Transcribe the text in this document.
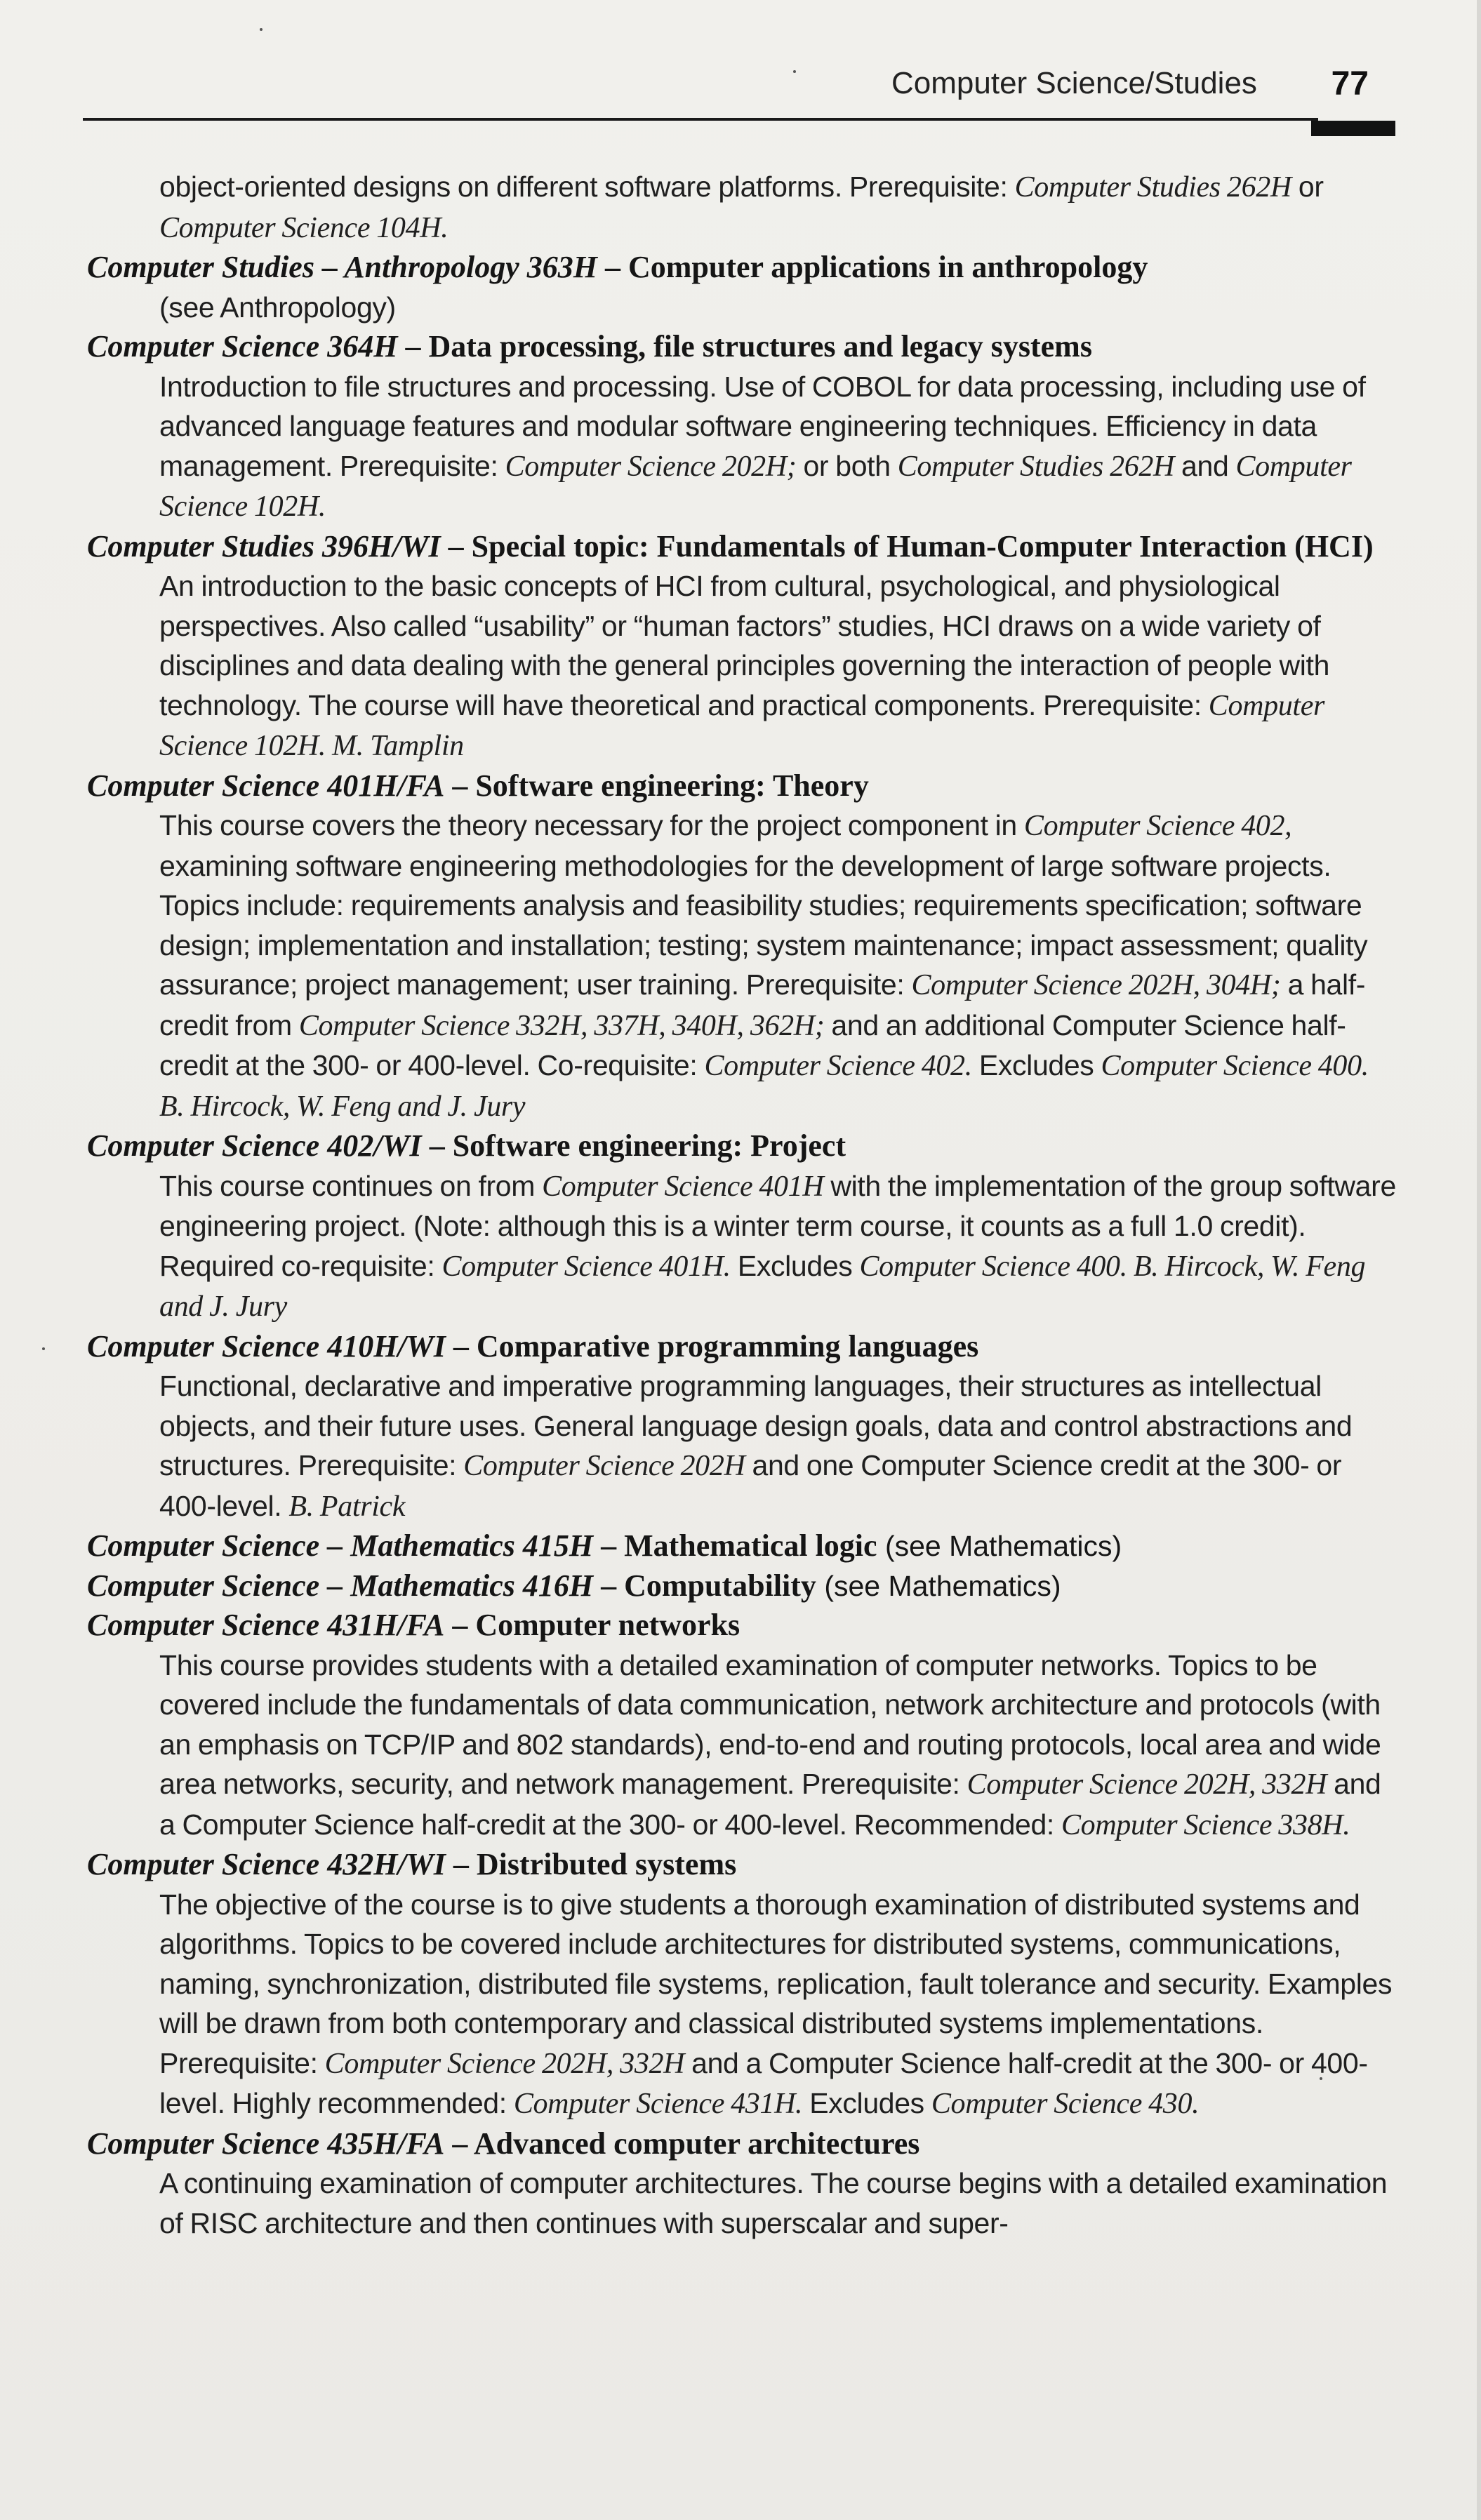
Computer Science/Studies 77
object-oriented designs on different software platforms. Prerequisite: Computer Studies 262H or Computer Science 104H.
Computer Studies – Anthropology 363H – Computer applications in anthropology
(see Anthropology)
Computer Science 364H – Data processing, file structures and legacy systems
Introduction to file structures and processing. Use of COBOL for data processing, including use of advanced language features and modular software engineering techniques. Efficiency in data management. Prerequisite: Computer Science 202H; or both Computer Studies 262H and Computer Science 102H.
Computer Studies 396H/WI – Special topic: Fundamentals of Human-Computer Interaction (HCI)
An introduction to the basic concepts of HCI from cultural, psychological, and physiological perspectives. Also called “usability” or “human factors” studies, HCI draws on a wide variety of disciplines and data dealing with the general principles governing the interaction of people with technology. The course will have theoretical and practical components. Prerequisite: Computer Science 102H. M. Tamplin
Computer Science 401H/FA – Software engineering: Theory
This course covers the theory necessary for the project component in Computer Science 402, examining software engineering methodologies for the development of large software projects. Topics include: requirements analysis and feasibility studies; requirements specification; software design; implementation and installation; testing; system maintenance; impact assessment; quality assurance; project management; user training. Prerequisite: Computer Science 202H, 304H; a half-credit from Computer Science 332H, 337H, 340H, 362H; and an additional Computer Science half-credit at the 300- or 400-level. Co-requisite: Computer Science 402. Excludes Computer Science 400. B. Hircock, W. Feng and J. Jury
Computer Science 402/WI – Software engineering: Project
This course continues on from Computer Science 401H with the implementation of the group software engineering project. (Note: although this is a winter term course, it counts as a full 1.0 credit). Required co-requisite: Computer Science 401H. Excludes Computer Science 400. B. Hircock, W. Feng and J. Jury
Computer Science 410H/WI – Comparative programming languages
Functional, declarative and imperative programming languages, their structures as intellectual objects, and their future uses. General language design goals, data and control abstractions and structures. Prerequisite: Computer Science 202H and one Computer Science credit at the 300- or 400-level. B. Patrick
Computer Science – Mathematics 415H – Mathematical logic (see Mathematics)
Computer Science – Mathematics 416H – Computability (see Mathematics)
Computer Science 431H/FA – Computer networks
This course provides students with a detailed examination of computer networks. Topics to be covered include the fundamentals of data communication, network architecture and protocols (with an emphasis on TCP/IP and 802 standards), end-to-end and routing protocols, local area and wide area networks, security, and network management. Prerequisite: Computer Science 202H, 332H and a Computer Science half-credit at the 300- or 400-level. Recommended: Computer Science 338H.
Computer Science 432H/WI – Distributed systems
The objective of the course is to give students a thorough examination of distributed systems and algorithms. Topics to be covered include architectures for distributed systems, communications, naming, synchronization, distributed file systems, replication, fault tolerance and security. Examples will be drawn from both contemporary and classical distributed systems implementations. Prerequisite: Computer Science 202H, 332H and a Computer Science half-credit at the 300- or 400-level. Highly recommended: Computer Science 431H. Excludes Computer Science 430.
Computer Science 435H/FA – Advanced computer architectures
A continuing examination of computer architectures. The course begins with a detailed examination of RISC architecture and then continues with superscalar and super-
